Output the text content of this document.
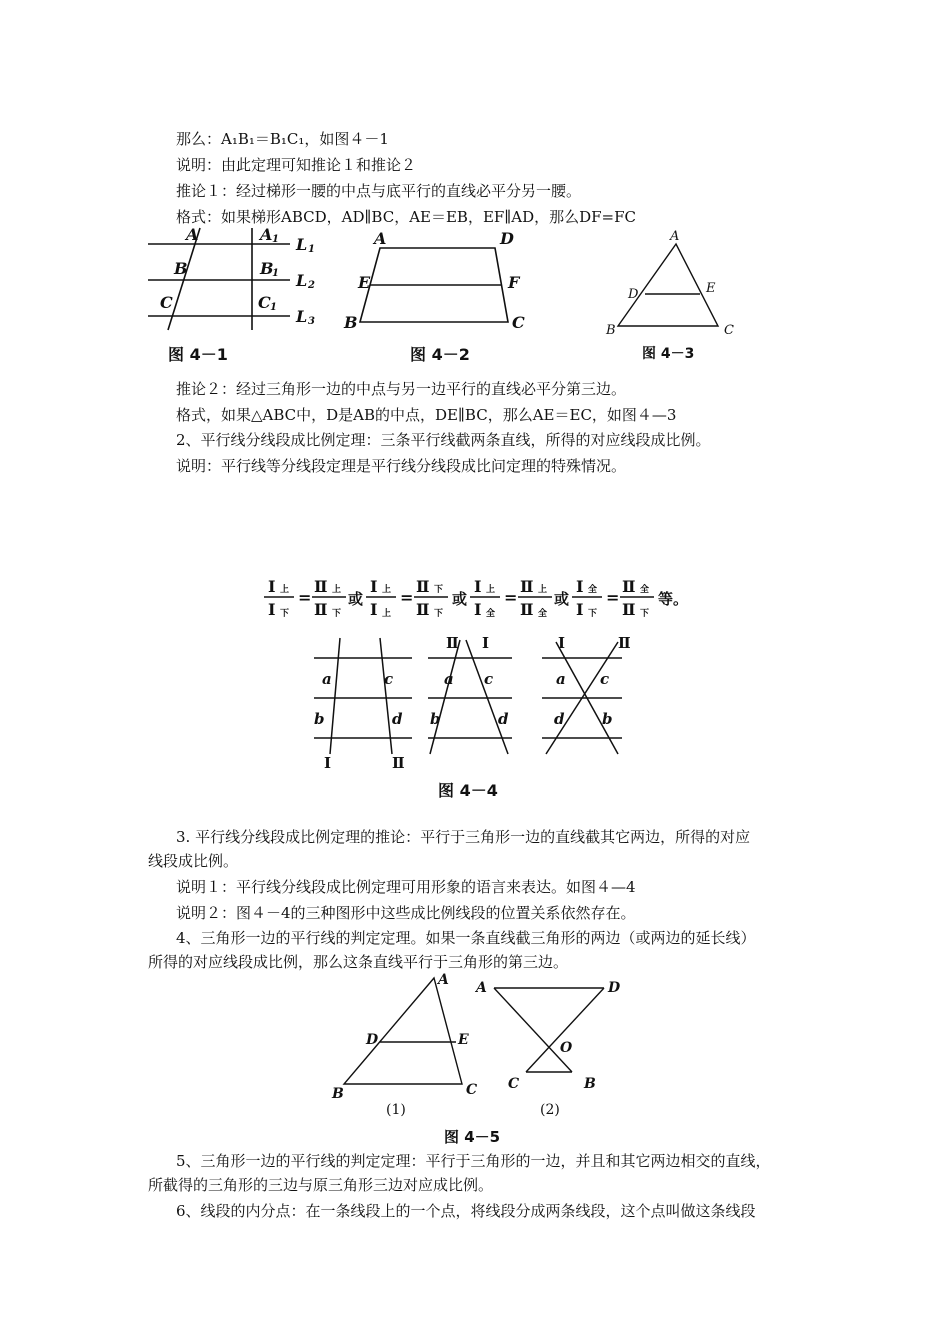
那么：A₁B₁＝B₁C₁，如图４－1
说明：由此定理可知推论１和推论２
推论１：经过梯形一腰的中点与底平行的直线必平分另一腰。
格式：如果梯形ABCD，AD∥BC，AE＝EB，EF∥AD，那么DF=FC
A	A 1
B	B
1
C	C 1
L 1
L 2
L 3
图 4－1
A	D
E	F
B	C
图 4－2
A
D	E
B	C
图 4－3
推论２：经过三角形一边的中点与另一边平行的直线必平分第三边。
格式，如果△ABC中，D是AB的中点，DE∥BC，那么AE＝EC，如图４—3
2、平行线分线段成比例定理：三条平行线截两条直线，所得的对应线段成比例。
说明：平行线等分线段定理是平行线分线段成比问定理的特殊情况。
Ⅰ 上
Ⅰ 下
=
Ⅱ 上
Ⅱ 下
或
Ⅰ 上
Ⅰ 上
=
Ⅱ 下
Ⅱ 下
或
Ⅰ 上
Ⅰ 全
=
Ⅱ 上
Ⅱ 全
或
Ⅰ 全
Ⅰ 下
=
Ⅱ 全
Ⅱ 下
等。
a	c
b	d
a c
b	d
a c
d	b
Ⅰ	Ⅱ
Ⅱ Ⅰ	Ⅰ	Ⅱ
图 4－4
3. 平行线分线段成比例定理的推论：平行于三角形一边的直线截其它两边，所得的对应
线段成比例。
说明１：平行线分线段成比例定理可用形象的语言来表达。如图４—4
说明２：图４－4的三种图形中这些成比例线段的位置关系依然存在。
4、三角形一边的平行线的判定定理。如果一条直线截三角形的两边（或两边的延长线）
所得的对应线段成比例，那么这条直线平行于三角形的第三边。
A
D	E
B	C
A	D
O
C	B
(1)	(2)
图 4－5
5、三角形一边的平行线的判定定理：平行于三角形的一边，并且和其它两边相交的直线，
所截得的三角形的三边与原三角形三边对应成比例。
6、线段的内分点：在一条线段上的一个点，将线段分成两条线段，这个点叫做这条线段
